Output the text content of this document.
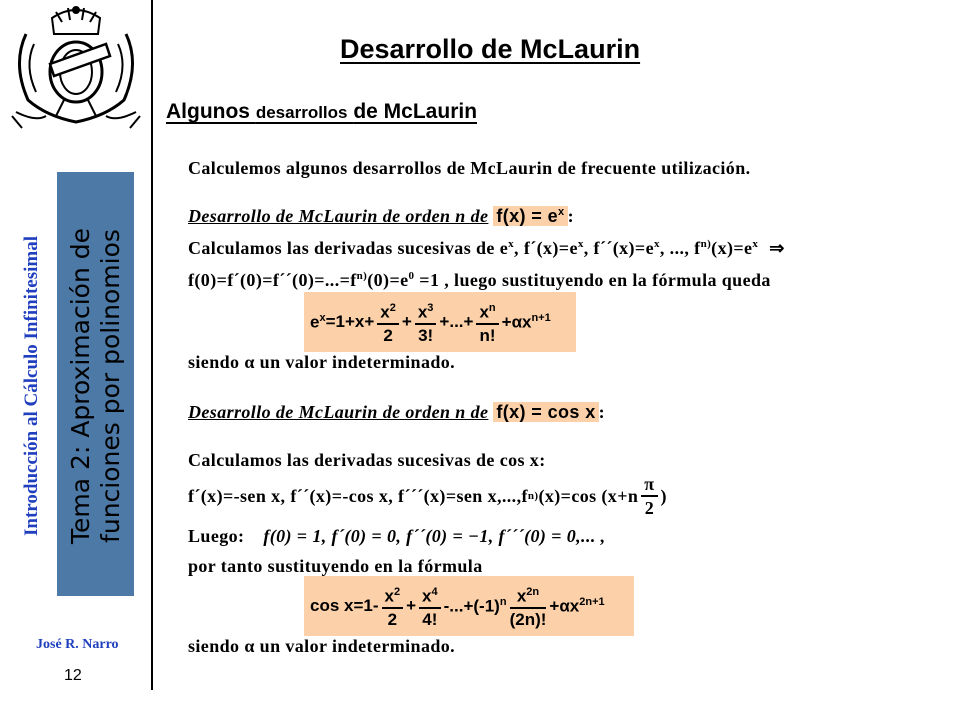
Introducción al Cálculo Infinitesimal Tema 2: Aproximación de funciones por polinomios
José R. Narro
12
Desarrollo de McLaurin
Algunos desarrollos de McLaurin
Calculemos algunos desarrollos de McLaurin de frecuente utilización.
Desarrollo de McLaurin de orden n de $f(x) = e^x$ :
Calculamos las derivadas sucesivas de $e^x$, $f´(x)=e^x$, $f´´(x)=e^x$, ..., $f^{n)}(x)=e^x$ ⇒
$f(0)=f´(0)=f´´(0)=...=f^{n)}(0)=e^0 =1$ , luego sustituyendo en la fórmula queda
$e^x =1+x+ \frac{x^2}{2} + \frac{x^3}{3!}$ +...+ $\frac{x^n}{n!} +\alpha x^{n+1}$
siendo α un valor indeterminado.
Desarrollo de McLaurin de orden n de f(x) = cos x :
Calculamos las derivadas sucesivas de cos x:
f´(x)=-sen x, f´´(x)=-cos x, f´´´(x)=sen x,...,f n) (x)=cos ($x+n \frac{\pi}{2}$ )
Luego: f(0) = 1, f´(0) = 0, f´´(0) = −1, f´´´(0) = 0,... ,
por tanto sustituyendo en la fórmula
$\cos x=1- \frac{x^2}{2} + \frac{x^4}{4!} -...+(-1)^n \frac{x^{2n}}{(2n)!} +\alpha x^{2n+1}$
siendo α un valor indeterminado.
